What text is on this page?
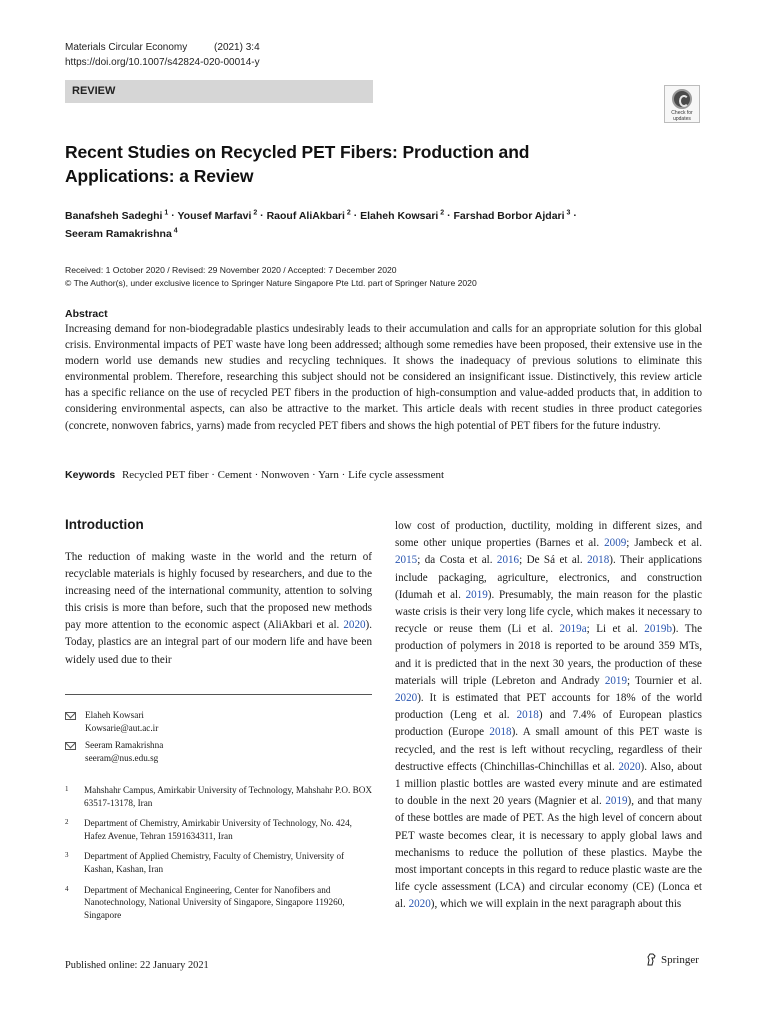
Materials Circular Economy	(2021) 3:4
https://doi.org/10.1007/s42824-020-00014-y
REVIEW
Check for
updates
Recent Studies on Recycled PET Fibers: Production and Applications: a Review
Banafsheh Sadeghi $^1$ · Yousef Marfavi $^2$ · Raouf AliAkbari $^2$ · Elaheh Kowsari $^2$ · Farshad Borbor Ajdari $^3$ ·
Seeram Ramakrishna $^4$
Received: 1 October 2020 / Revised: 29 November 2020 / Accepted: 7 December 2020
© The Author(s), under exclusive licence to Springer Nature Singapore Pte Ltd. part of Springer Nature 2020
Abstract

Increasing demand for non-biodegradable plastics undesirably leads to their accumulation and calls for an appropriate solution for this global crisis. Environmental impacts of PET waste have long been addressed; although some remedies have been proposed, their extensive use in the modern world use demands new studies and recycling techniques. It shows the inadequacy of previous solutions to eliminate this environmental problem. Therefore, researching this subject should not be considered an insignificant issue. Distinctively, this review article has a specific reliance on the use of recycled PET fibers in the production of high-consumption and value-added products that, in addition to considering environmental aspects, can also be attractive to the market. This article deals with recent studies in three product categories (concrete, nonwoven fabrics, yarns) made from recycled PET fibers and shows the high potential of PET fibers for the future industry.

Keywords Recycled PET fiber · Cement · Nonwoven · Yarn · Life cycle assessment
Introduction
The reduction of making waste in the world and the return of recyclable materials is highly focused by researchers, and due to the increasing need of the international community, attention to solving this crisis is more than before, such that the proposed new methods pay more attention to the economic aspect (AliAkbari et al. 2020). Today, plastics are an integral part of our modern life and have been widely used due to their
low cost of production, ductility, molding in different sizes, and some other unique properties (Barnes et al. 2009; Jambeck et al. 2015; da Costa et al. 2016; De Sá et al. 2018). Their applications include packaging, agriculture, electronics, and construction (Idumah et al. 2019). Presumably, the main reason for the plastic waste crisis is their very long life cycle, which makes it necessary to recycle or reuse them (Li et al. 2019a; Li et al. 2019b). The production of polymers in 2018 is reported to be around 359 MTs, and it is predicted that in the next 30 years, the production of these materials will triple (Lebreton and Andrady 2019; Tournier et al. 2020). It is estimated that PET accounts for 18% of the world production (Leng et al. 2018) and 7.4% of European plastics production (Europe 2018). A small amount of this PET waste is recycled, and the rest is left without recycling, regardless of their destructive effects (Chinchillas-Chinchillas et al. 2020). Also, about 1 million plastic bottles are wasted every minute and are estimated to double in the next 20 years (Magnier et al. 2019), and that many of these bottles are made of PET. As the high level of concern about PET waste becomes clear, it is necessary to apply global laws and mechanisms to reduce the pollution of these plastics. Maybe the most important concepts in this regard to reduce plastic waste are the life cycle assessment (LCA) and circular economy (CE) (Lonca et al. 2020), which we will explain in the next paragraph about this
Elaheh Kowsari
Kowsarie@aut.ac.ir
Seeram Ramakrishna
seeram@nus.edu.sg
1	Mahshahr Campus, Amirkabir University of Technology, Mahshahr P.O. BOX 63517-13178, Iran
2	Department of Chemistry, Amirkabir University of Technology, No. 424, Hafez Avenue, Tehran 1591634311, Iran
3	Department of Applied Chemistry, Faculty of Chemistry, University of Kashan, Kashan, Iran
4	Department of Mechanical Engineering, Center for Nanofibers and Nanotechnology, National University of Singapore, Singapore 119260, Singapore
Published online: 22 January 2021	Springer
